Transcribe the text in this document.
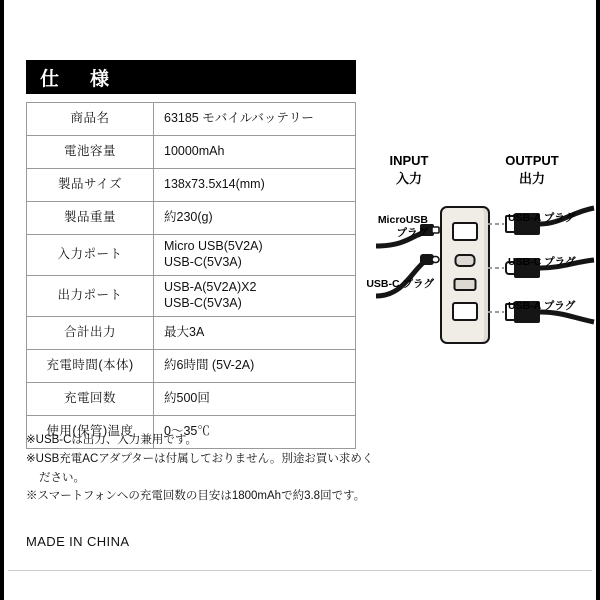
仕　様
商品名	63185 モバイルバッテリー
電池容量	10000mAh
製品サイズ	138x73.5x14(mm)
製品重量	約230(g)
入力ポート	Micro USB(5V2A)
USB-C(5V3A)

出力ポート	USB-A(5V2A)X2
USB-C(5V3A)

合計出力	最大3A
充電時間(本体)	約6時間 (5V-2A)
充電回数	約500回
使用(保管)温度	0〜35℃
※USB-Cは出力、入力兼用です。
※USB充電ACアダプターは付属しておりません。別途お買い求めく
ださい。
※スマートフォンへの充電回数の目安は1800mAhで約3.8回です。
MADE IN CHINA
INPUT
入力
OUTPUT
出力
MicroUSB
プラグ
USB-C プラグ
USB-A プラグ
USB-C プラグ
USB-A プラグ
